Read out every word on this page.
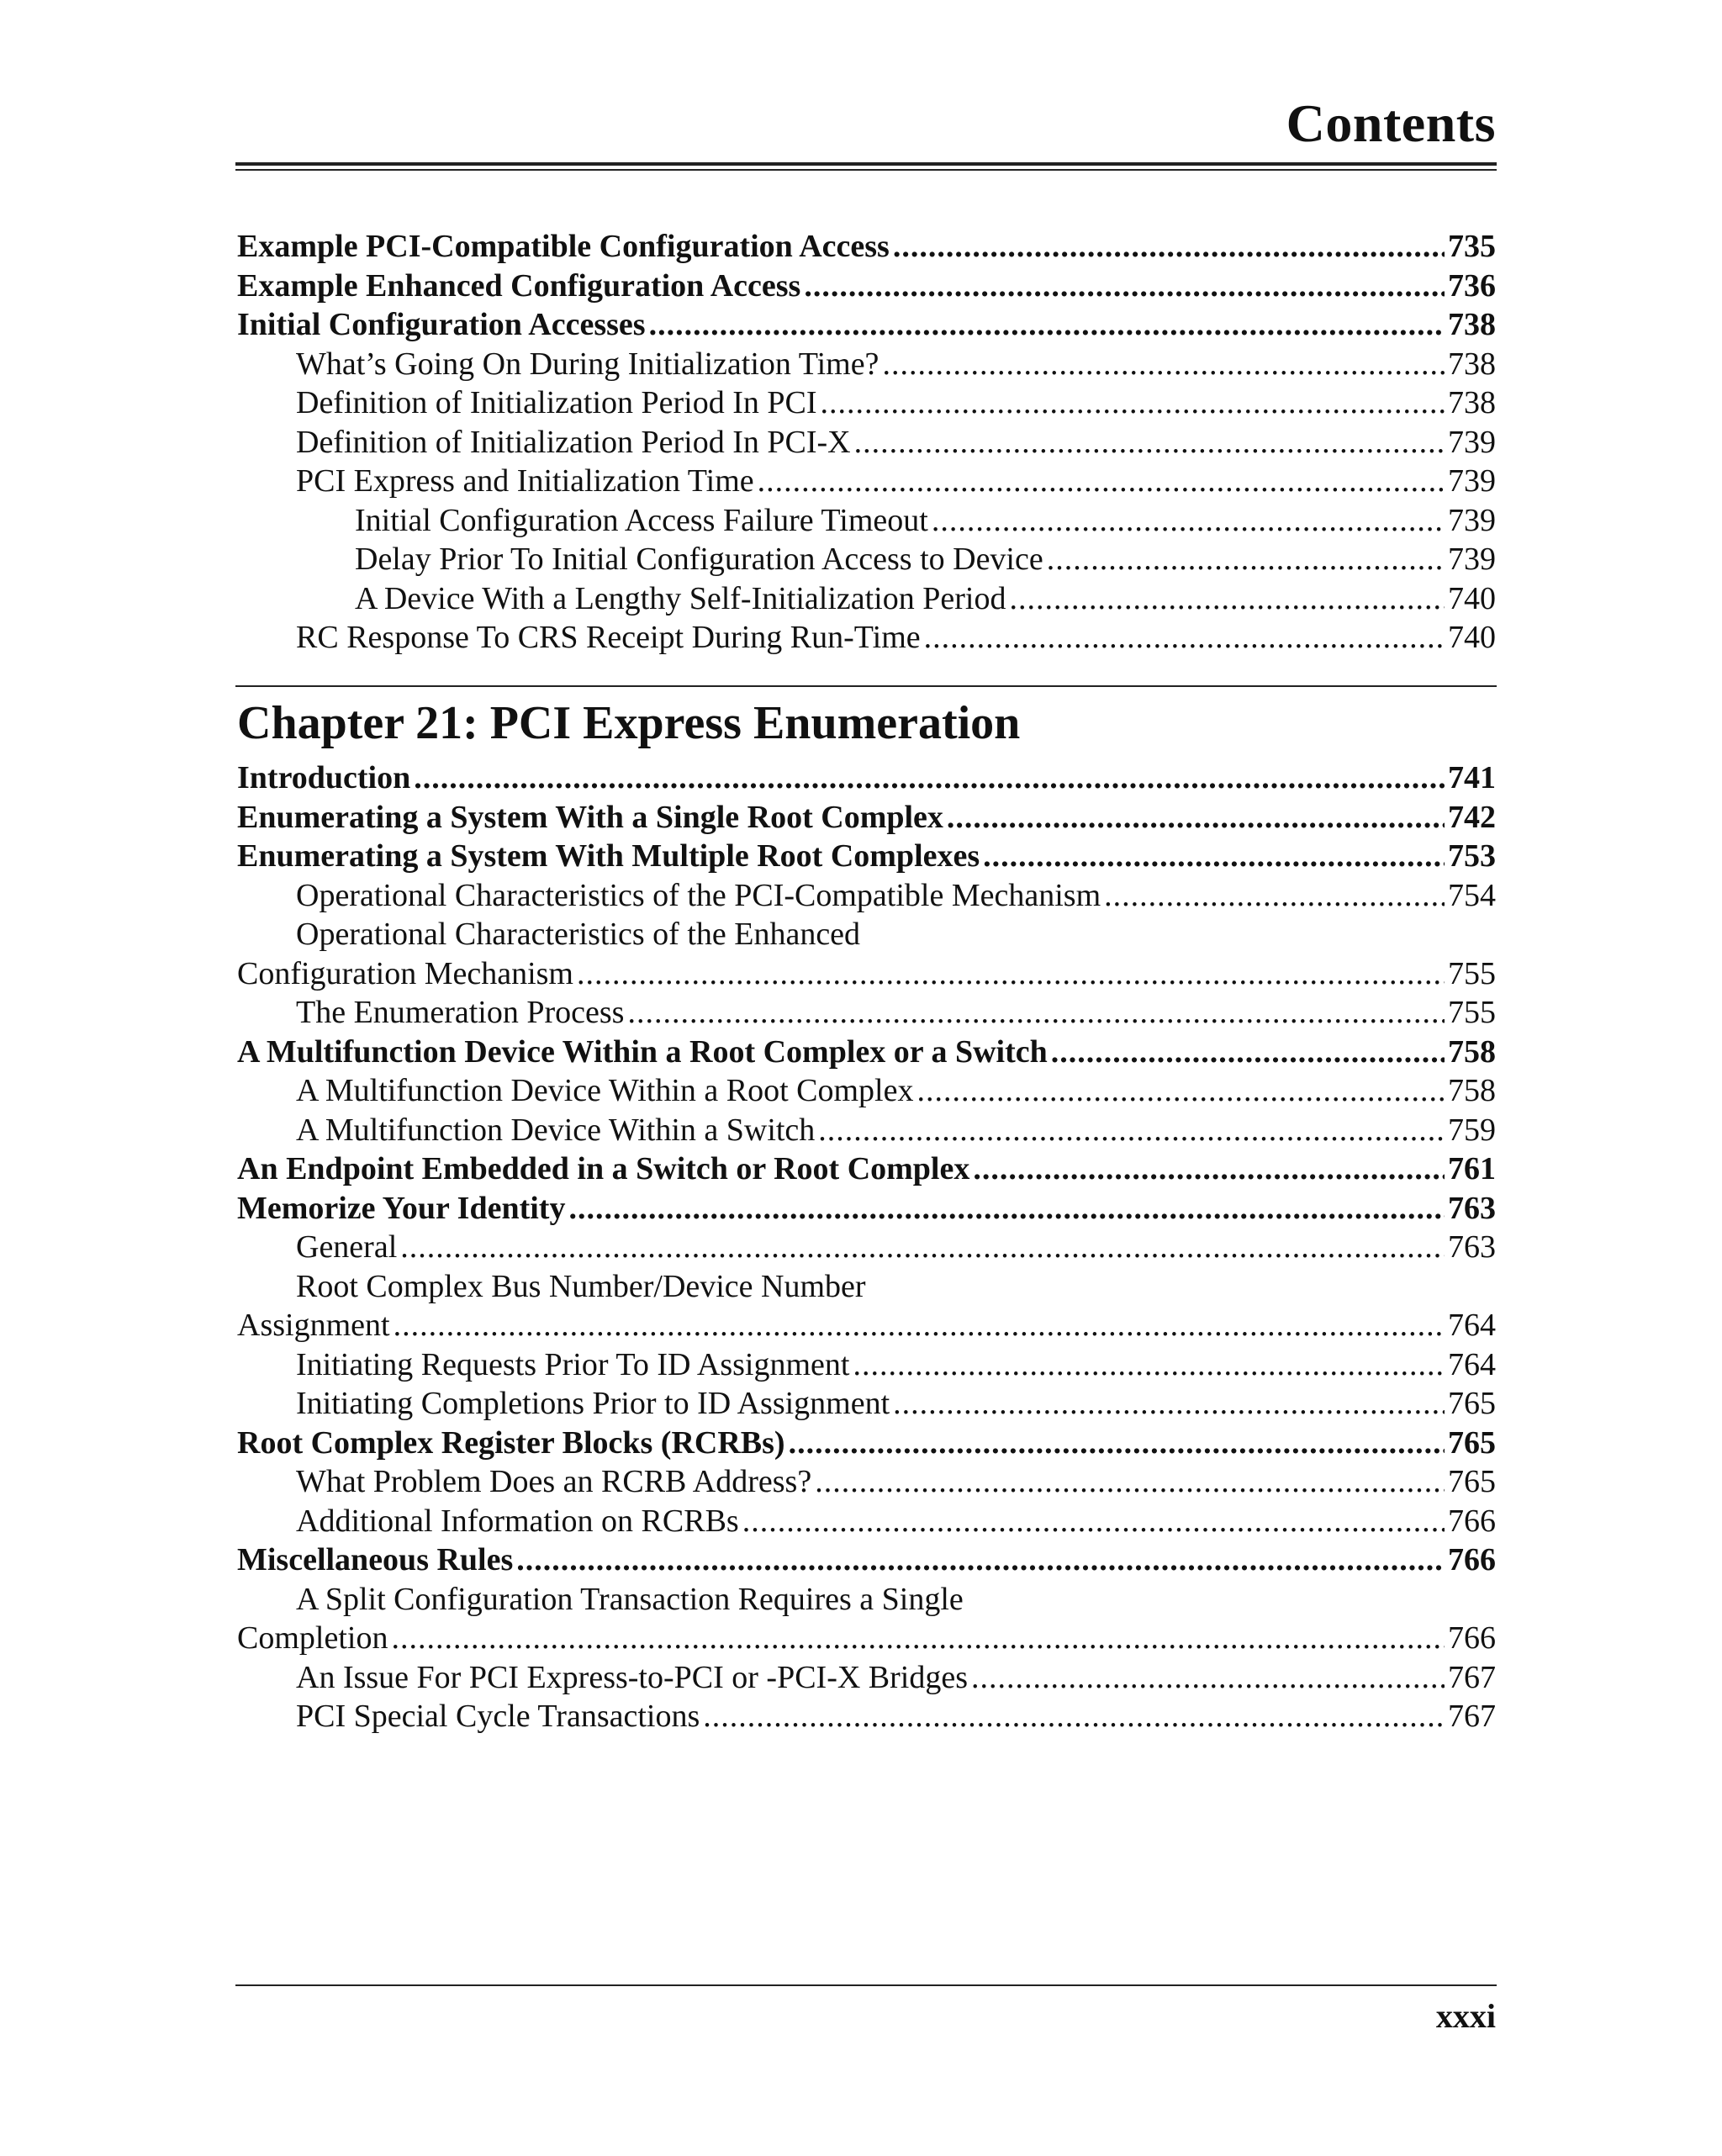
Contents
Example PCI-Compatible Configuration Access .....	735
Example Enhanced Configuration Access .....	736
Initial Configuration Accesses .....	738
What’s Going On During Initialization Time? .....	738
Definition of Initialization Period In PCI .....	738
Definition of Initialization Period In PCI-X .....	739
PCI Express and Initialization Time .....	739
Initial Configuration Access Failure Timeout .....	739
Delay Prior To Initial Configuration Access to Device .....	739
A Device With a Lengthy Self-Initialization Period .....	740
RC Response To CRS Receipt During Run-Time .....	740
Chapter 21: PCI Express Enumeration
Introduction .....	741
Enumerating a System With a Single Root Complex .....	742
Enumerating a System With Multiple Root Complexes .....	753
Operational Characteristics of the PCI-Compatible Mechanism .....	754
Operational Characteristics of the Enhanced
Configuration Mechanism .....	755
The Enumeration Process .....	755
A Multifunction Device Within a Root Complex or a Switch .....	758
A Multifunction Device Within a Root Complex .....	758
A Multifunction Device Within a Switch .....	759
An Endpoint Embedded in a Switch or Root Complex .....	761
Memorize Your Identity .....	763
General .....	763
Root Complex Bus Number/Device Number
Assignment .....	764
Initiating Requests Prior To ID Assignment .....	764
Initiating Completions Prior to ID Assignment .....	765
Root Complex Register Blocks (RCRBs) .....	765
What Problem Does an RCRB Address? .....	765
Additional Information on RCRBs .....	766
Miscellaneous Rules .....	766
A Split Configuration Transaction Requires a Single
Completion .....	766
An Issue For PCI Express-to-PCI or -PCI-X Bridges .....	767
PCI Special Cycle Transactions .....	767
xxxi
